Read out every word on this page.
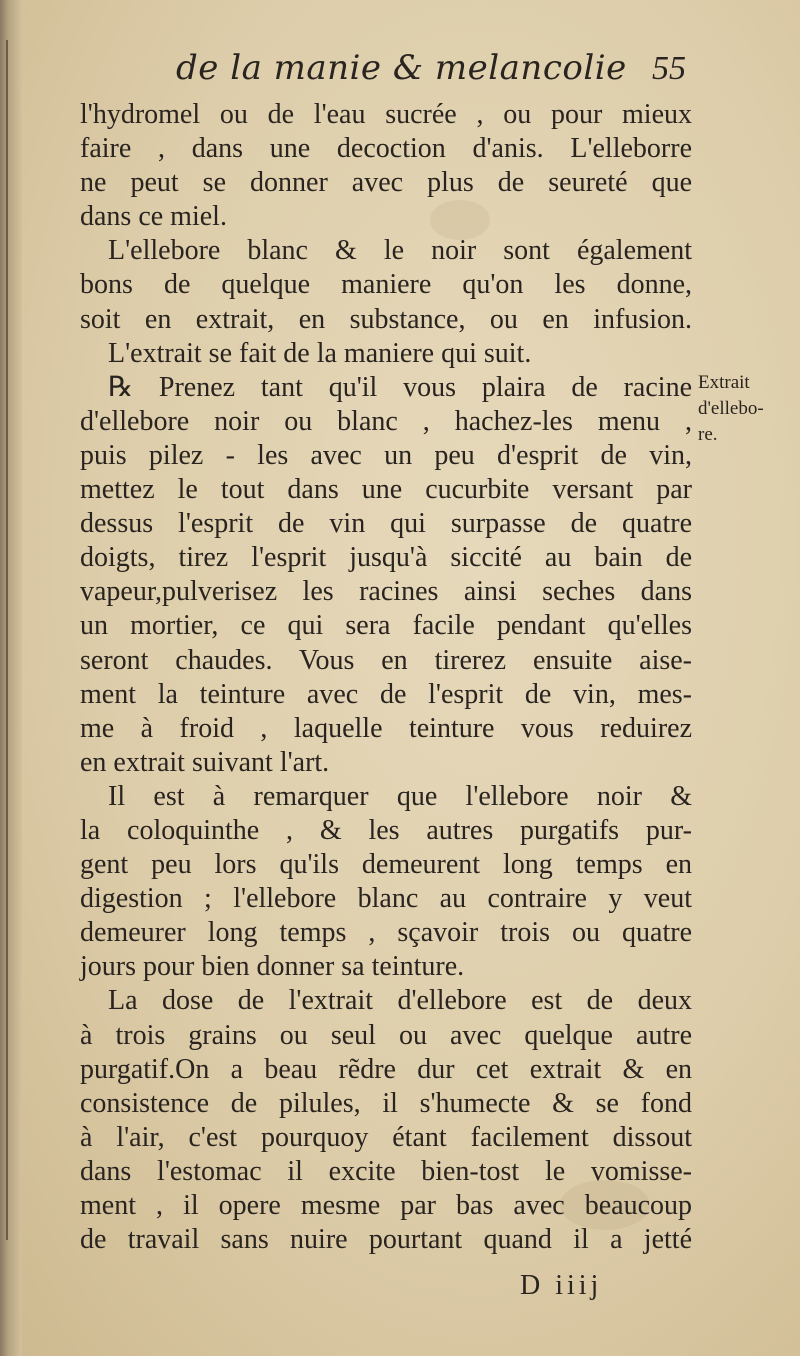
de la manie & melancolie 55
l'hydromel ou de l'eau sucrée , ou pour mieux
faire , dans une decoction d'anis. L'elleborre
ne peut se donner avec plus de seureté que
dans ce miel.
L'ellebore blanc & le noir sont également
bons de quelque maniere qu'on les donne,
soit en extrait, en substance, ou en infusion.
L'extrait se fait de la maniere qui suit.
℞ Prenez tant qu'il vous plaira de racine
d'ellebore noir ou blanc , hachez-les menu ,
puis pilez - les avec un peu d'esprit de vin,
mettez le tout dans une cucurbite versant par
dessus l'esprit de vin qui surpasse de quatre
doigts, tirez l'esprit jusqu'à siccité au bain de
vapeur,pulverisez les racines ainsi seches dans
un mortier, ce qui sera facile pendant qu'elles
seront chaudes. Vous en tirerez ensuite aise-
ment la teinture avec de l'esprit de vin, mes-
me à froid , laquelle teinture vous reduirez
en extrait suivant l'art.
Il est à remarquer que l'ellebore noir &
la coloquinthe , & les autres purgatifs pur-
gent peu lors qu'ils demeurent long temps en
digestion ; l'ellebore blanc au contraire y veut
demeurer long temps , sçavoir trois ou quatre
jours pour bien donner sa teinture.
La dose de l'extrait d'ellebore est de deux
à trois grains ou seul ou avec quelque autre
purgatif.On a beau rẽdre dur cet extrait & en
consistence de pilules, il s'humecte & se fond
à l'air, c'est pourquoy étant facilement dissout
dans l'estomac il excite bien-tost le vomisse-
ment , il opere mesme par bas avec beaucoup
de travail sans nuire pourtant quand il a jetté
Extrait
d'ellebo-
re.
D iiij
